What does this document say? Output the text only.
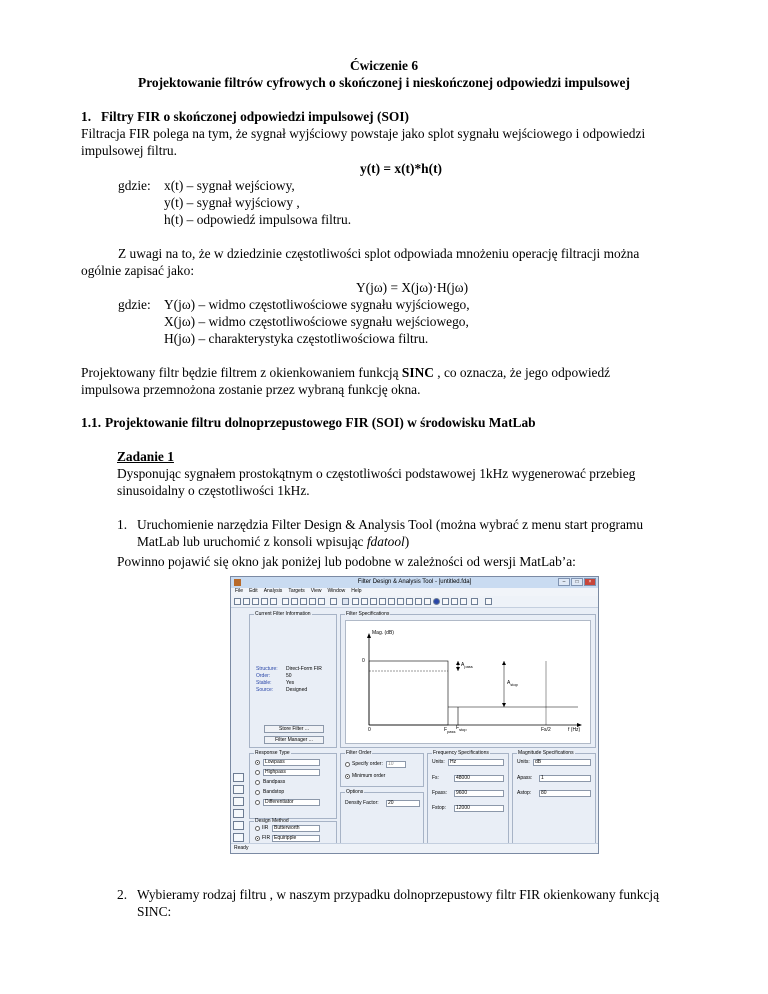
Ćwiczenie 6
Projektowanie filtrów cyfrowych o skończonej i nieskończonej odpowiedzi impulsowej
1. Filtry FIR o skończonej odpowiedzi impulsowej (SOI)
Filtracja FIR polega na tym, że sygnał wyjściowy powstaje jako splot sygnału wejściowego i odpowiedzi
impulsowej filtru.
y(t) = x(t)*h(t)
gdzie: x(t) – sygnał wejściowy,
y(t) – sygnał wyjściowy ,
h(t) – odpowiedź impulsowa filtru.
Z uwagi na to, że w dziedzinie częstotliwości splot odpowiada mnożeniu operację filtracji można
ogólnie zapisać jako:
Y(jω) = X(jω)·H(jω)
gdzie: Y(jω) – widmo częstotliwościowe sygnału wyjściowego,
X(jω) – widmo częstotliwościowe sygnału wejściowego,
H(jω) – charakterystyka częstotliwościowa filtru.
Projektowany filtr będzie filtrem z okienkowaniem funkcją SINC , co oznacza, że jego odpowiedź
impulsowa przemnożona zostanie przez wybraną funkcję okna.
1.1. Projektowanie filtru dolnoprzepustowego FIR (SOI) w środowisku MatLab
Zadanie 1
Dysponując sygnałem prostokątnym o częstotliwości podstawowej 1kHz wygenerować przebieg
sinusoidalny o częstotliwości 1kHz.
1. Uruchomienie narzędzia Filter Design & Analysis Tool (można wybrać z menu start programu
MatLab lub uruchomić z konsoli wpisując fdatool)
Powinno pojawić się okno jak poniżej lub podobne w zależności od wersji MatLab’a:
Filter Design & Analysis Tool - [untitled.fda]	–	□	×
File Edit Analysis Targets View Window Help
Current Filter Information
Structure: Direct-Form FIR
Order:	50
Stable:	Yes
Source:	Designed
Store Filter ...
Filter Manager ...
Filter Specifications
Mag. (dB)
0
0
$A_{pass}$
$A_{stop}$
$F_{pass}$
$F_{stop}$	Fs/2	f (Hz)
Response Type
Lowpass
Highpass
Bandpass
Bandstop
Differentiator
Design Method
IIR	Butterworth
FIR Equiripple
Filter Order
Specify order:	10
Minimum order
Options
Density Factor:	20
Frequency Specifications
Units:	Hz
Fs:	48000
Fpass:	9600
Fstop:	12000
Magnitude Specifications
Units:	dB
Apass:	1
Astop:	80
Ready
2. Wybieramy rodzaj filtru , w naszym przypadku dolnoprzepustowy filtr FIR okienkowany funkcją
SINC:
